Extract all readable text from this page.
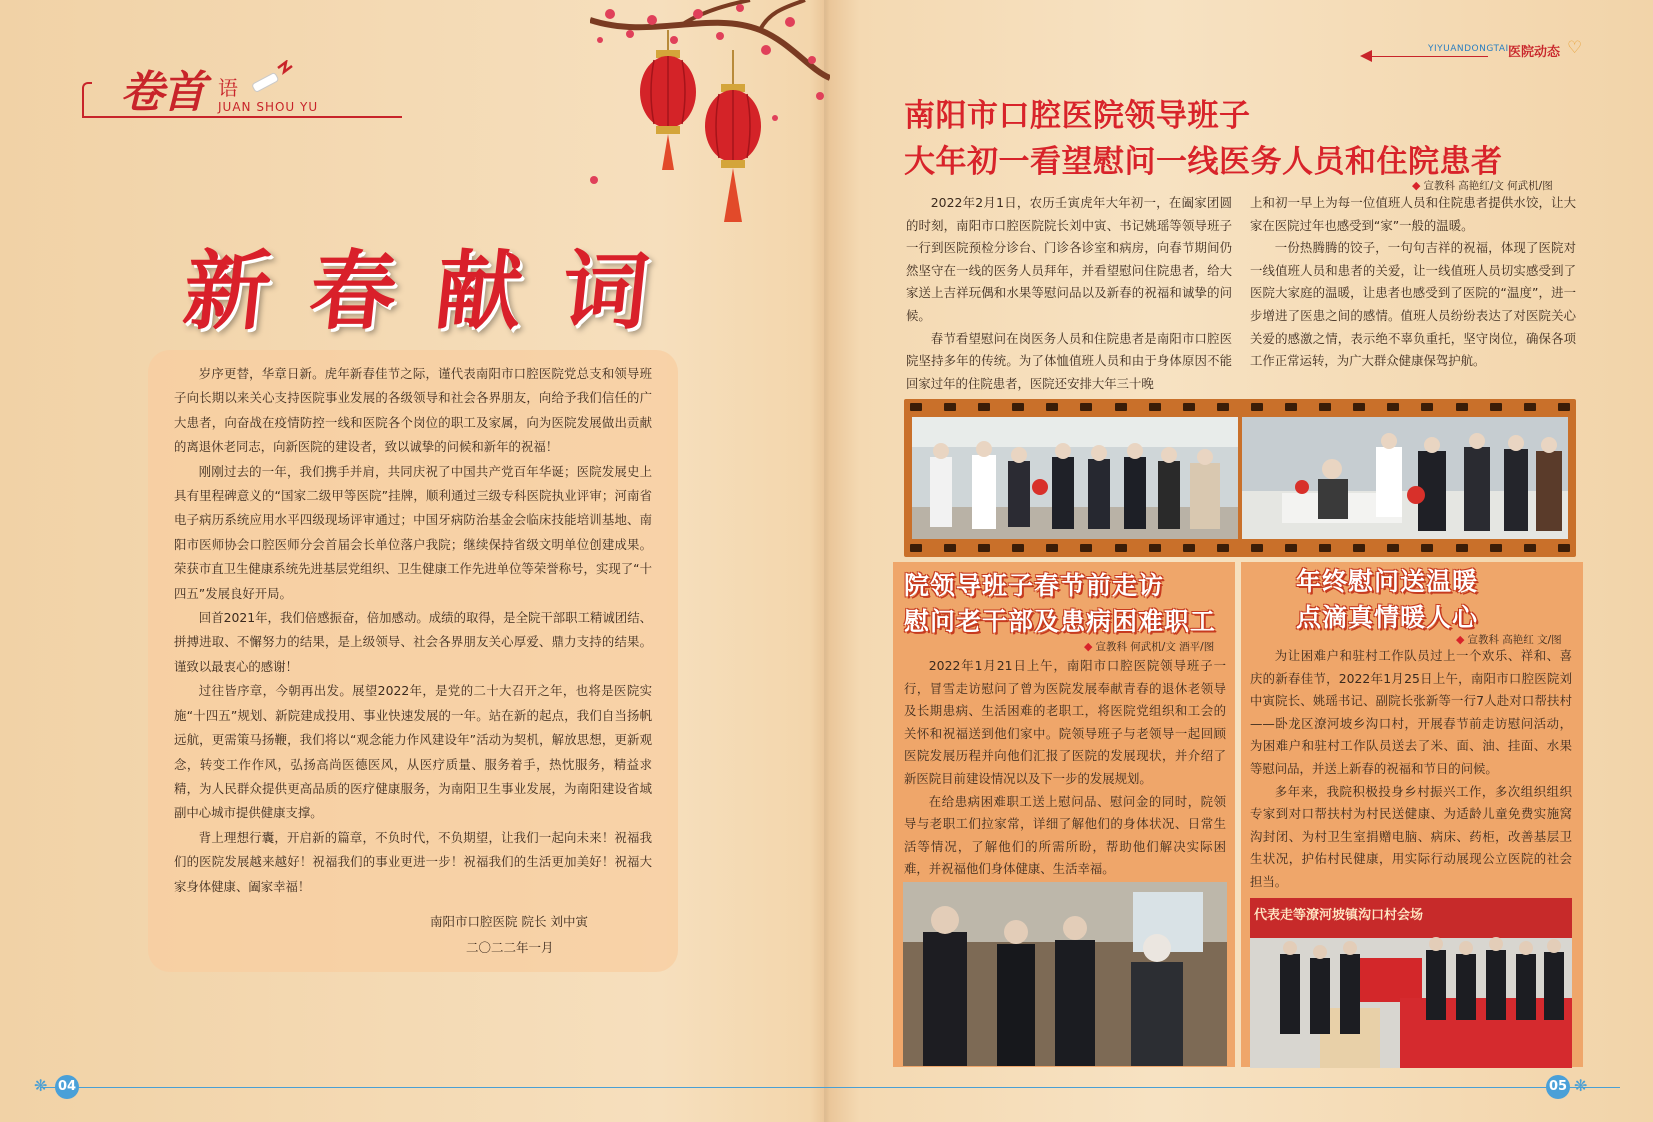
卷首 语
JUAN SHOU YU
新春献词

岁序更替，华章日新。虎年新春佳节之际，谨代表南阳市口腔医院党总支和领导班子向长期以来关心支持医院事业发展的各级领导和社会各界朋友，向给予我们信任的广大患者，向奋战在疫情防控一线和医院各个岗位的职工及家属，向为医院发展做出贡献的离退休老同志，向新医院的建设者，致以诚挚的问候和新年的祝福！

刚刚过去的一年，我们携手并肩，共同庆祝了中国共产党百年华诞；医院发展史上具有里程碑意义的“国家二级甲等医院”挂牌，顺利通过三级专科医院执业评审；河南省电子病历系统应用水平四级现场评审通过；中国牙病防治基金会临床技能培训基地、南阳市医师协会口腔医师分会首届会长单位落户我院；继续保持省级文明单位创建成果。荣获市直卫生健康系统先进基层党组织、卫生健康工作先进单位等荣誉称号，实现了“十四五”发展良好开局。

回首2021年，我们倍感振奋，倍加感动。成绩的取得，是全院干部职工精诚团结、拼搏进取、不懈努力的结果，是上级领导、社会各界朋友关心厚爱、鼎力支持的结果。谨致以最衷心的感谢！

过往皆序章，今朝再出发。展望2022年，是党的二十大召开之年，也将是医院实施“十四五”规划、新院建成投用、事业快速发展的一年。站在新的起点，我们自当扬帆远航，更需策马扬鞭，我们将以“观念能力作风建设年”活动为契机，解放思想，更新观念，转变工作作风，弘扬高尚医德医风，从医疗质量、服务着手，热忱服务，精益求精，为人民群众提供更高品质的医疗健康服务，为南阳卫生事业发展，为南阳建设省域副中心城市提供健康支撑。

背上理想行囊，开启新的篇章，不负时代，不负期望，让我们一起向未来！祝福我们的医院发展越来越好！祝福我们的事业更进一步！祝福我们的生活更加美好！祝福大家身体健康、阖家幸福！

南阳市口腔医院 院长 刘中寅
二〇二二年一月
❋ 04	05 ❋
YIYUANDONGTAI 医院动态 ♡
南阳市口腔医院领导班子
大年初一看望慰问一线医务人员和住院患者
◆ 宣教科 高艳红/文 何武机/图

2022年2月1日，农历壬寅虎年大年初一，在阖家团圆的时刻，南阳市口腔医院院长刘中寅、书记姚瑶等领导班子一行到医院预检分诊台、门诊各诊室和病房，向春节期间仍然坚守在一线的医务人员拜年，并看望慰问住院患者，给大家送上吉祥玩偶和水果等慰问品以及新春的祝福和诚挚的问候。

春节看望慰问在岗医务人员和住院患者是南阳市口腔医院坚持多年的传统。为了体恤值班人员和由于身体原因不能回家过年的住院患者，医院还安排大年三十晚

上和初一早上为每一位值班人员和住院患者提供水饺，让大家在医院过年也感受到“家”一般的温暖。

一份热腾腾的饺子，一句句吉祥的祝福，体现了医院对一线值班人员和患者的关爱，让一线值班人员切实感受到了医院大家庭的温暖，让患者也感受到了医院的“温度”，进一步增进了医患之间的感情。值班人员纷纷表达了对医院关心关爱的感激之情，表示绝不辜负重托，坚守岗位，确保各项工作正常运转，为广大群众健康保驾护航。

院领导班子春节前走访
慰问老干部及患病困难职工
◆ 宣教科 何武机/文 酒平/图

2022年1月21日上午，南阳市口腔医院领导班子一行，冒雪走访慰问了曾为医院发展奉献青春的退休老领导及长期患病、生活困难的老职工，将医院党组织和工会的关怀和祝福送到他们家中。院领导班子与老领导一起回顾医院发展历程并向他们汇报了医院的发展现状，并介绍了新医院目前建设情况以及下一步的发展规划。

在给患病困难职工送上慰问品、慰问金的同时，院领导与老职工们拉家常，详细了解他们的身体状况、日常生活等情况，了解他们的所需所盼，帮助他们解决实际困难，并祝福他们身体健康、生活幸福。

年终慰问送温暖
点滴真情暖人心
◆ 宣教科 高艳红 文/图

为让困难户和驻村工作队员过上一个欢乐、祥和、喜庆的新春佳节，2022年1月25日上午，南阳市口腔医院刘中寅院长、姚瑶书记、副院长张新等一行7人赴对口帮扶村——卧龙区潦河坡乡沟口村，开展春节前走访慰问活动，为困难户和驻村工作队员送去了米、面、油、挂面、水果等慰问品，并送上新春的祝福和节日的问候。

多年来，我院积极投身乡村振兴工作，多次组织组织专家到对口帮扶村为村民送健康、为适龄儿童免费实施窝沟封闭、为村卫生室捐赠电脑、病床、药柜，改善基层卫生状况，护佑村民健康，用实际行动展现公立医院的社会担当。

代表走等潦河坡镇沟口村会场
